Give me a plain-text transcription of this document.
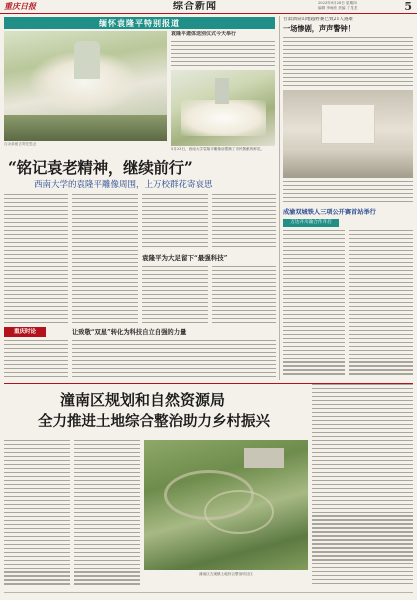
重庆日报	综合新闻	2023年9月28日 星期四
编辑 李雨欣 美编 丁龙龙	5
缅怀袁隆平特别报道
百余条留言寄托思念
袁隆平遗体送别仪式今天举行
5月23日，西南大学袁隆平雕像前摆满了市民敬献的鲜花。
“铭记袁老精神，继续前行”
西南大学的袁隆平雕像周围，上万校群花寄哀思
袁隆平为大足留下“最强科技”
重庆时论	让致敬“双星”转化为科技自立自强的力量
甘肃酒泉山地越野赛已致21人遇难
一场惨剧，声声警钟！
成渝双城铁人三项公开赛首站举行
万达开川渝合作开启
潼南区规划和自然资源局
全力推进土地综合整治助力乡村振兴
潼南区古溪镇土地综合整治项目区
